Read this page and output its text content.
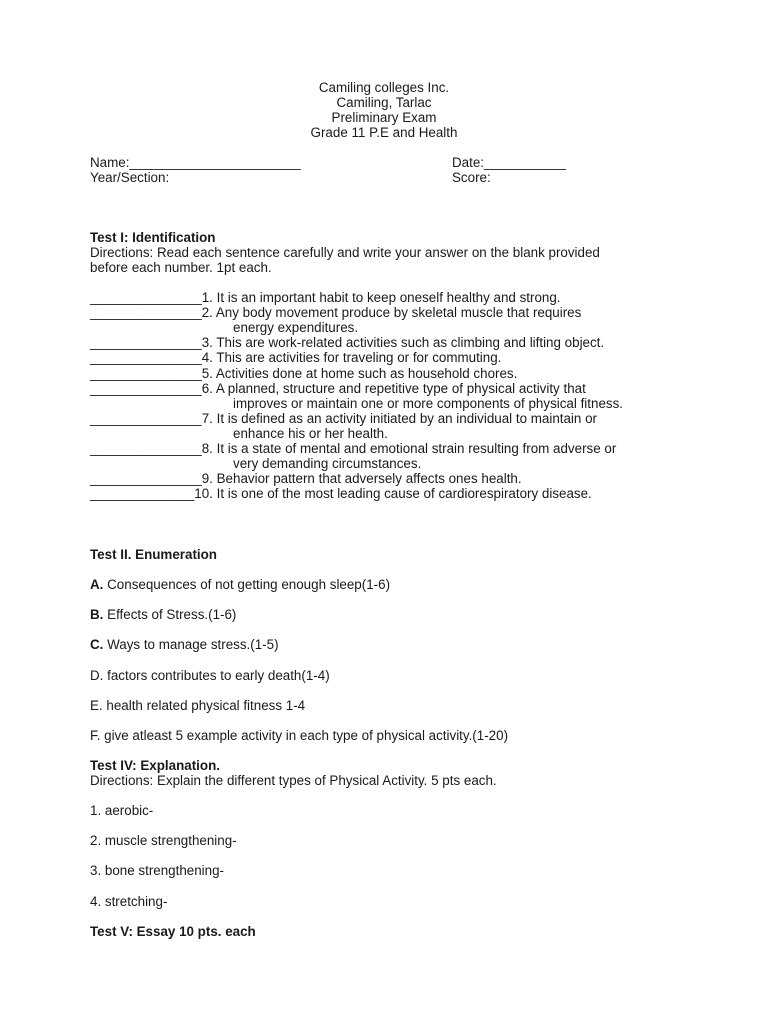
Camiling colleges Inc.
Camiling, Tarlac
Preliminary Exam
Grade 11 P.E and Health
Name:_______________________
Year/Section:
Date:___________
Score:
Test I: Identification
Directions: Read each sentence carefully and write your answer on the blank provided
before each number. 1pt each.
_______________1. It is an important habit to keep oneself healthy and strong.
_______________2. Any body movement produce by skeletal muscle that requires
energy expenditures.
_______________3. This are work-related activities such as climbing and lifting object.
_______________4. This are activities for traveling or for commuting.
_______________5. Activities done at home such as household chores.
_______________6. A planned, structure and repetitive type of physical activity that
improves or maintain one or more components of physical fitness.
_______________7. It is defined as an activity initiated by an individual to maintain or
enhance his or her health.
_______________8. It is a state of mental and emotional strain resulting from adverse or
very demanding circumstances.
_______________9. Behavior pattern that adversely affects ones health.
______________10. It is one of the most leading cause of cardiorespiratory disease.
Test II. Enumeration
A. Consequences of not getting enough sleep(1-6)
B. Effects of Stress.(1-6)
C. Ways to manage stress.(1-5)
D. factors contributes to early death(1-4)
E. health related physical fitness 1-4
F. give atleast 5 example activity in each type of physical activity.(1-20)
Test IV: Explanation.
Directions: Explain the different types of Physical Activity. 5 pts each.
1. aerobic-
2. muscle strengthening-
3. bone strengthening-
4. stretching-
Test V: Essay 10 pts. each
